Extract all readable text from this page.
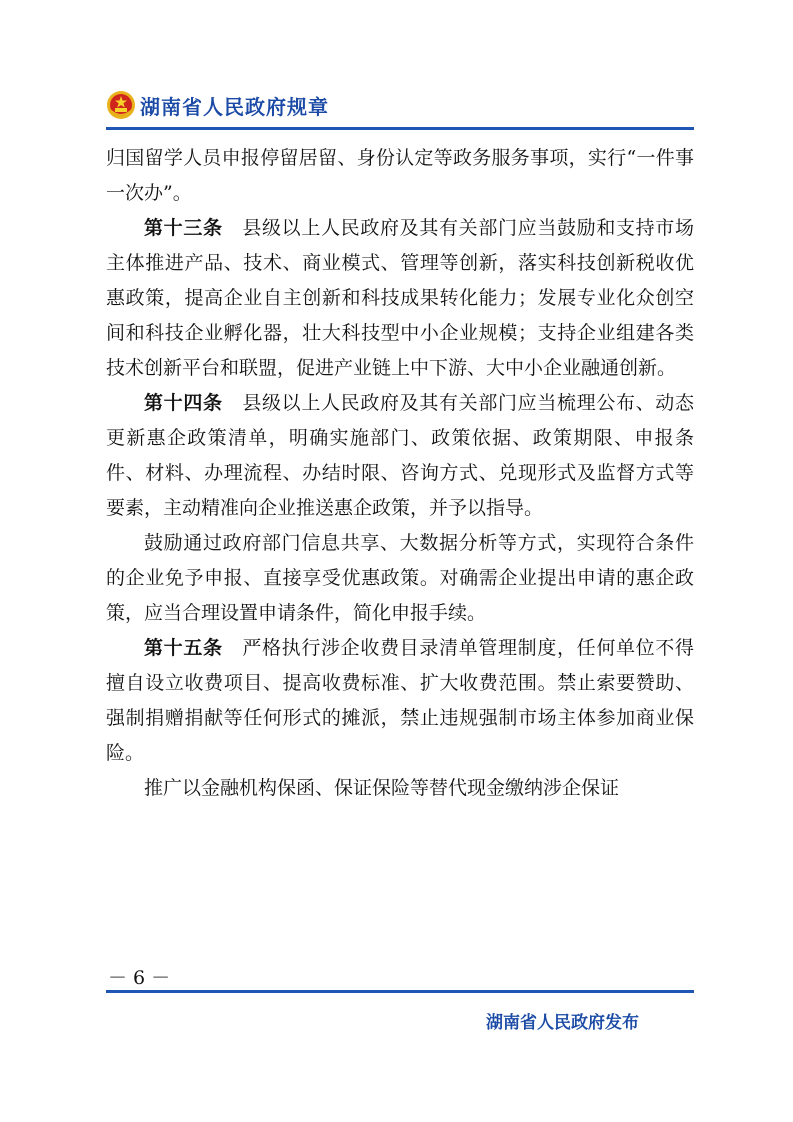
湖南省人民政府规章

归国留学人员申报停留居留、身份认定等政务服务事项，实行“一件事一次办”。

第十三条　 县级以上人民政府及其有关部门应当鼓励和支持市场主体推进产品、技术、商业模式、管理等创新，落实科技创新税收优惠政策，提高企业自主创新和科技成果转化能力；发展专业化众创空间和科技企业孵化器，壮大科技型中小企业规模；支持企业组建各类技术创新平台和联盟，促进产业链上中下游、大中小企业融通创新。

第十四条　 县级以上人民政府及其有关部门应当梳理公布、动态更新惠企政策清单，明确实施部门、政策依据、政策期限、申报条件、材料、办理流程、办结时限、咨询方式、兑现形式及监督方式等要素，主动精准向企业推送惠企政策，并予以指导。

鼓励通过政府部门信息共享、大数据分析等方式，实现符合条件的企业免予申报、直接享受优惠政策。对确需企业提出申请的惠企政策，应当合理设置申请条件，简化申报手续。

第十五条　 严格执行涉企收费目录清单管理制度，任何单位不得擅自设立收费项目、提高收费标准、扩大收费范围。禁止索要赞助、强制捐赠捐献等任何形式的摊派，禁止违规强制市场主体参加商业保险。

推广以金融机构保函、保证保险等替代现金缴纳涉企保证

－ 6 －
湖南省人民政府发布
